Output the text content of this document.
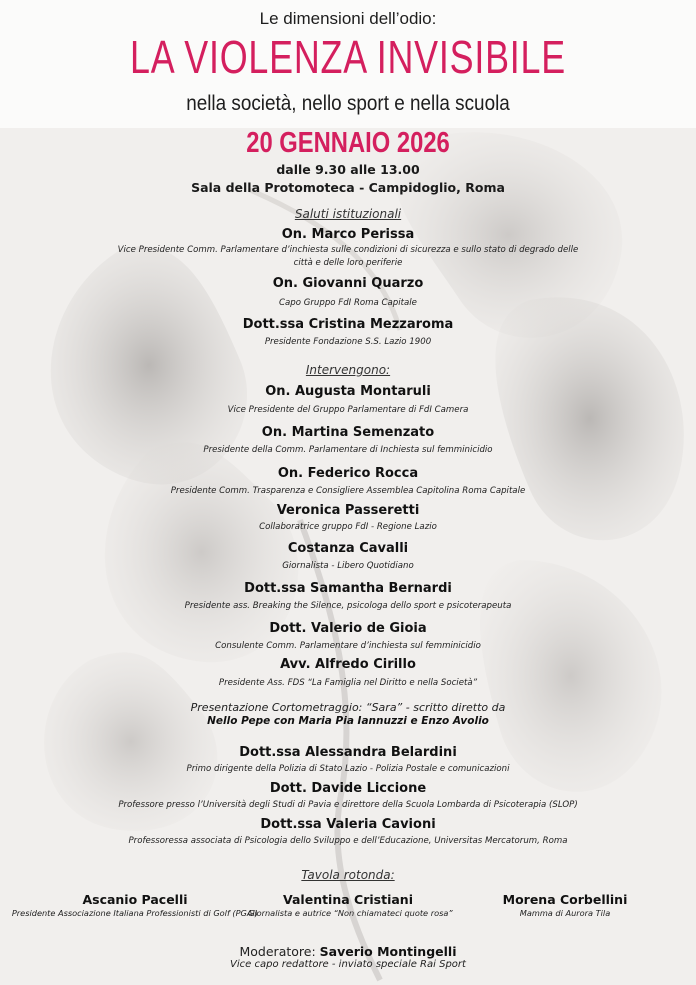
Le dimensioni dell’odio:
LA VIOLENZA INVISIBILE
nella società, nello sport e nella scuola
20 GENNAIO 2026
dalle 9.30 alle 13.00
Sala della Protomoteca - Campidoglio, Roma
Saluti istituzionali
On. Marco Perissa
Vice Presidente Comm. Parlamentare d’inchiesta sulle condizioni di sicurezza e sullo stato di degrado delle
città e delle loro periferie
On. Giovanni Quarzo
Capo Gruppo FdI Roma Capitale
Dott.ssa Cristina Mezzaroma
Presidente Fondazione S.S. Lazio 1900
Intervengono:
On. Augusta Montaruli
Vice Presidente del Gruppo Parlamentare di FdI Camera
On. Martina Semenzato
Presidente della Comm. Parlamentare di Inchiesta sul femminicidio
On. Federico Rocca
Presidente Comm. Trasparenza e Consigliere Assemblea Capitolina Roma Capitale
Veronica Passeretti
Collaboratrice gruppo FdI - Regione Lazio
Costanza Cavalli
Giornalista - Libero Quotidiano
Dott.ssa Samantha Bernardi
Presidente ass. Breaking the Silence, psicologa dello sport e psicoterapeuta
Dott. Valerio de Gioia
Consulente Comm. Parlamentare d’inchiesta sul femminicidio
Avv. Alfredo Cirillo
Presidente Ass. FDS “La Famiglia nel Diritto e nella Società”
Presentazione Cortometraggio: “Sara” - scritto diretto da
Nello Pepe con Maria Pia Iannuzzi e Enzo Avolio
Dott.ssa Alessandra Belardini
Primo dirigente della Polizia di Stato Lazio - Polizia Postale e comunicazioni
Dott. Davide Liccione
Professore presso l’Università degli Studi di Pavia e direttore della Scuola Lombarda di Psicoterapia (SLOP)
Dott.ssa Valeria Cavioni
Professoressa associata di Psicologia dello Sviluppo e dell’Educazione, Universitas Mercatorum, Roma
Tavola rotonda:
Ascanio Pacelli
Presidente Associazione Italiana Professionisti di Golf (PGAI)
Valentina Cristiani
Giornalista e autrice “Non chiamateci quote rosa”
Morena Corbellini
Mamma di Aurora Tila
Moderatore: Saverio Montingelli
Vice capo redattore - inviato speciale Rai Sport
